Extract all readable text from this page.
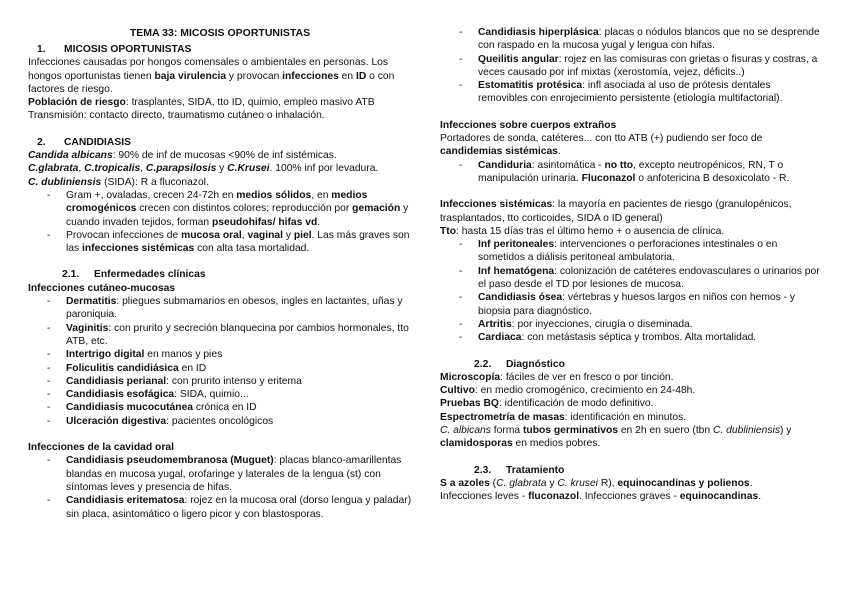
TEMA 33: MICOSIS OPORTUNISTAS
1. MICOSIS OPORTUNISTAS

Infecciones causadas por hongos comensales o ambientales en personas. Los hongos oportunistas tienen baja virulencia y provocan infecciones en ID o con factores de riesgo.

Población de riesgo: trasplantes, SIDA, tto ID, quimio, empleo masivo ATB

Transmisión: contacto directo, traumatismo cutáneo o inhalación.

2. CANDIDIASIS

Candida albicans: 90% de inf de mucosas <90% de inf sistémicas.

C.glabrata, C.tropicalis, C.parapsilosis y C.Krusei. 100% inf por levadura.

C. dubliniensis (SIDA): R a fluconazol.

- Gram +, ovaladas, crecen 24-72h en medios sólidos, en medios cromogénicos crecen con distintos colores; reproducción por gemación y cuando invaden tejidos, forman pseudohifas/ hifas vd.
- Provocan infecciones de mucosa oral, vaginal y piel. Las más graves son las infecciones sistémicas con alta tasa mortalidad.
2.1. Enfermedades clínicas

Infecciones cutáneo-mucosas

- Dermatitis: pliegues submamarios en obesos, ingles en lactantes, uñas y paroniquia.
- Vaginitis: con prurito y secreción blanquecina por cambios hormonales, tto ATB, etc.
- Intertrigo digital en manos y pies
- Foliculitis candidiásica en ID
- Candidiasis perianal: con prurito intenso y eritema
- Candidiasis esofágica: SIDA, quimio...
- Candidiasis mucocutánea crónica en ID
- Ulceración digestiva: pacientes oncológicos

Infecciones de la cavidad oral

- Candidiasis pseudomembranosa (Muguet): placas blanco-amarillentas blandas en mucosa yugal, orofaringe y laterales de la lengua (st) con síntomas leves y presencia de hifas.
- Candidiasis eritematosa: rojez en la mucosa oral (dorso lengua y paladar) sin placa, asintomático o ligero picor y con blastosporas.
- Candidiasis hiperplásica: placas o nódulos blancos que no se desprende con raspado en la mucosa yugal y lengua con hifas.
- Queilitis angular: rojez en las comisuras con grietas o fisuras y costras, a veces causado por inf mixtas (xerostomía, vejez, déficits..)
- Estomatitis protésica: infl asociada al uso de prótesis dentales removibles con enrojecimiento persistente (etiología multifactorial).

Infecciones sobre cuerpos extraños

Portadores de sonda, catéteres... con tto ATB (+) pudiendo ser foco de candidemias sistémicas.

- Candiduria: asintomática - no tto, excepto neutropénicos, RN, T o manipulación urinaria. Fluconazol o anfotericina B desoxicolato - R.

Infecciones sistémicas: la mayoría en pacientes de riesgo (granulopénicos, trasplantados, tto corticoides, SIDA o ID general)

Tto: hasta 15 días tras el último hemo + o ausencia de clínica.

- Inf peritoneales: intervenciones o perforaciones intestinales o en sometidos a diálisis peritoneal ambulatoria.
- Inf hematógena: colonización de catéteres endovasculares o urinarios por el paso desde el TD por lesiones de mucosa.
- Candidiasis ósea: vértebras y huesos largos en niños con hemos - y biopsia para diagnóstico.
- Artritis: por inyecciones, cirugía o diseminada.
- Cardiaca: con metástasis séptica y trombos. Alta mortalidad.
2.2. Diagnóstico

Microscopía: fáciles de ver en fresco o por tinción.

Cultivo: en medio cromogénico, crecimiento en 24-48h.

Pruebas BQ: identificación de modo definitivo.

Espectrometría de masas: identificación en minutos.

C. albicans forma tubos germinativos en 2h en suero (tbn C. dubliniensis) y clamidosporas en medios pobres.

2.3. Tratamiento

S a azoles (C. glabrata y C. krusei R), equinocandinas y polienos.

Infecciones leves - fluconazol. Infecciones graves - equinocandinas.
